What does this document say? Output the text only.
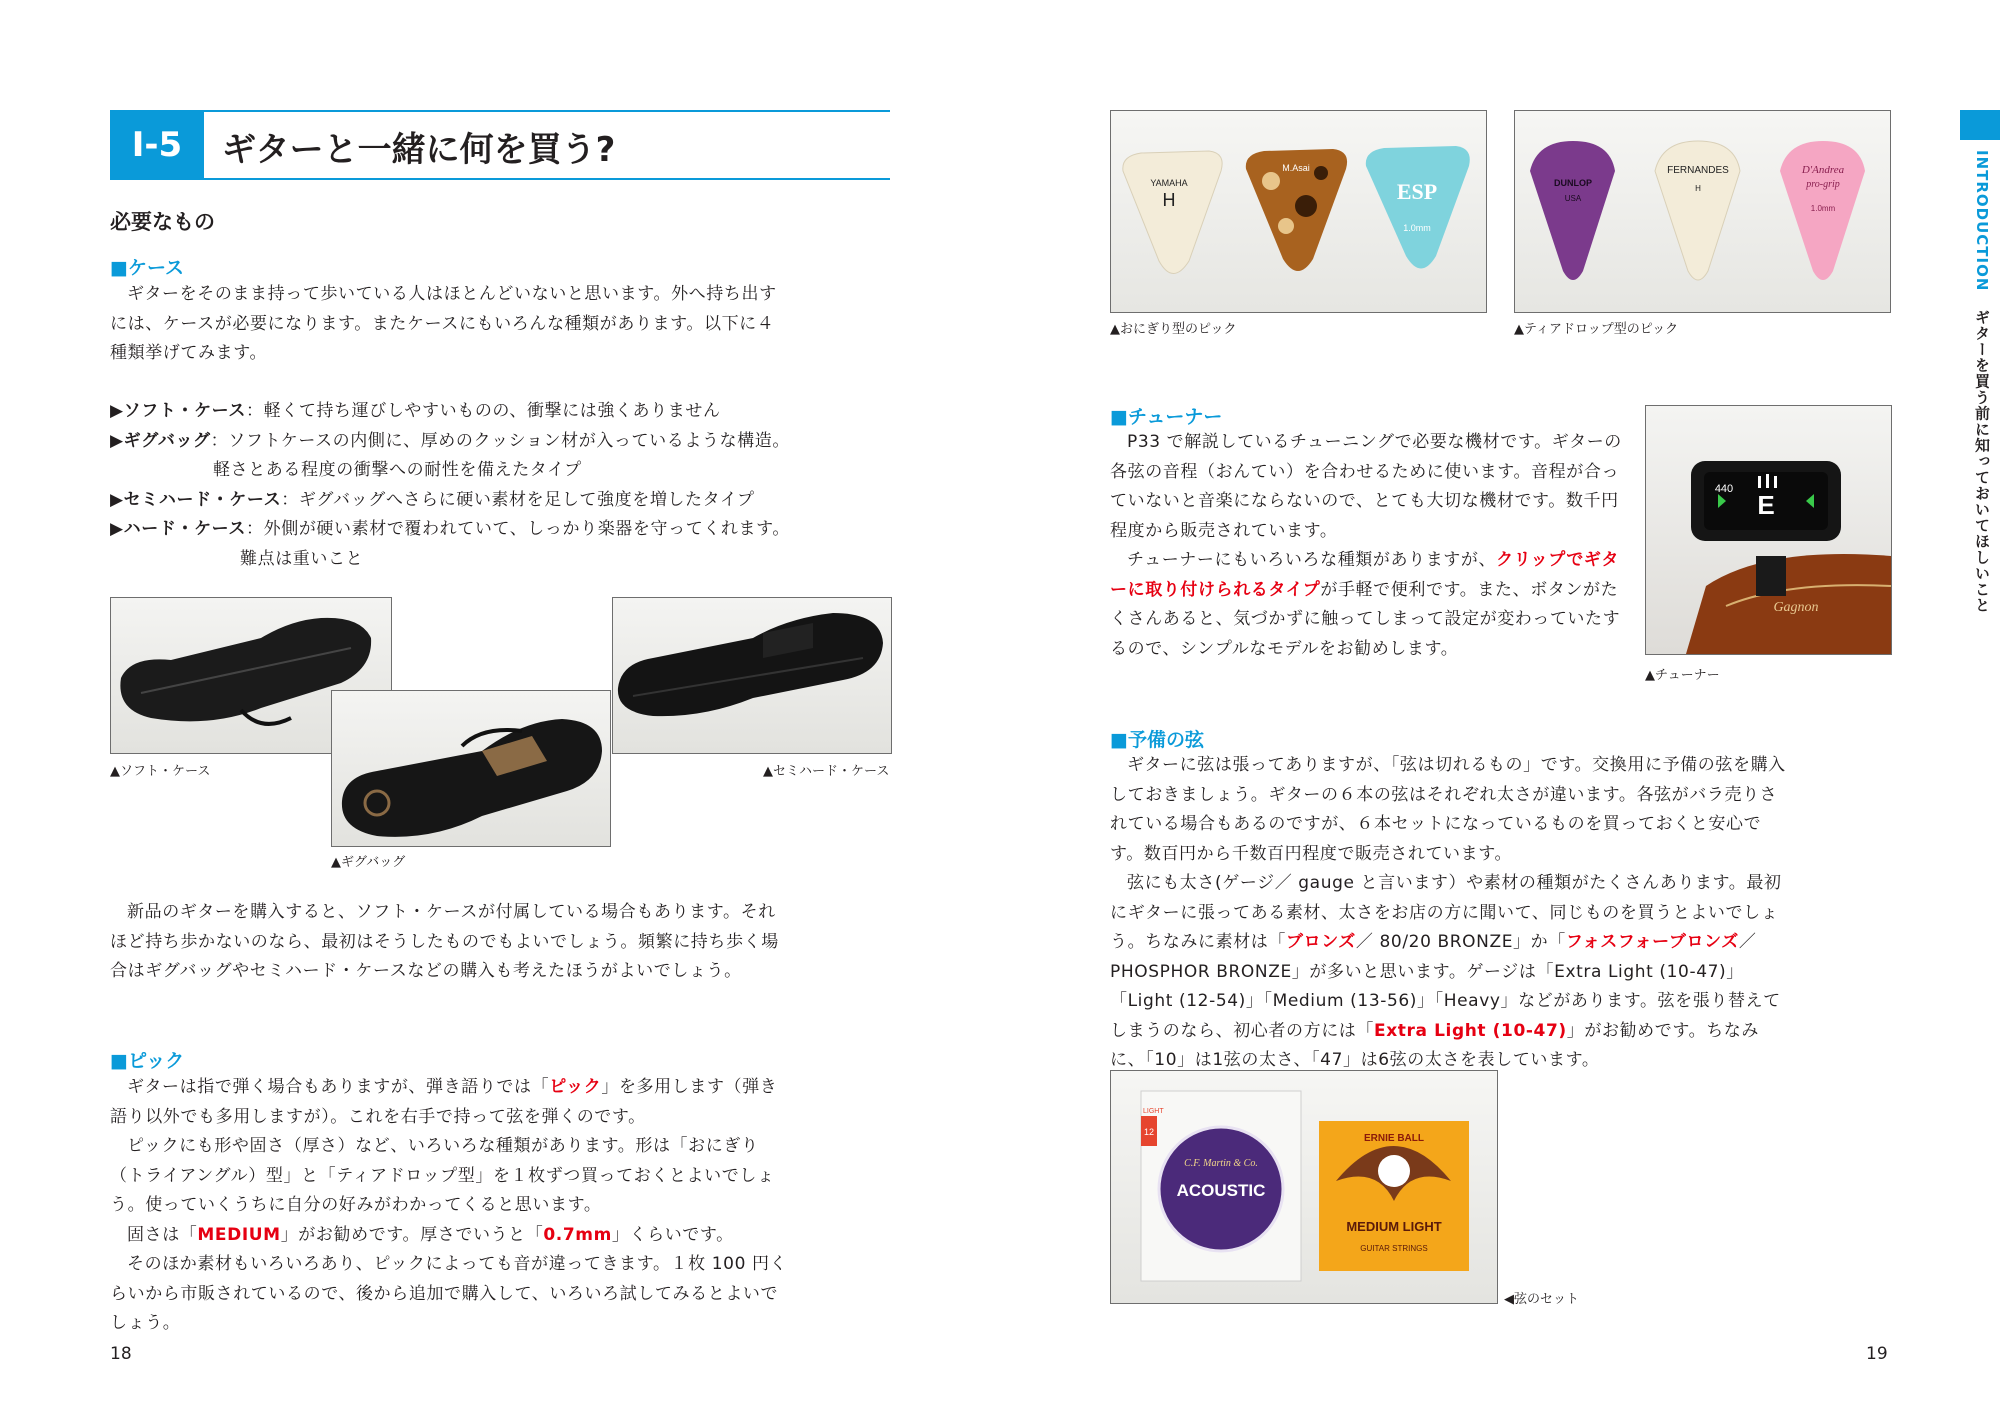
I-5	ギターと一緒に何を買う?
必要なもの
■ケース
ギターをそのまま持って歩いている人はほとんどいないと思います。外へ持ち出すには、ケースが必要になります。またケースにもいろんな種類があります。以下に４種類挙げてみます。
▶ソフト・ケース：軽くて持ち運びしやすいものの、衝撃には強くありません
▶ギグバッグ：ソフトケースの内側に、厚めのクッション材が入っているような構造。
軽さとある程度の衝撃への耐性を備えたタイプ
▶セミハード・ケース：ギグバッグへさらに硬い素材を足して強度を増したタイプ
▶ハード・ケース：外側が硬い素材で覆われていて、しっかり楽器を守ってくれます。
難点は重いこと
▲ソフト・ケース
▲ギグバッグ
▲セミハード・ケース
新品のギターを購入すると、ソフト・ケースが付属している場合もあります。それほど持ち歩かないのなら、最初はそうしたものでもよいでしょう。頻繁に持ち歩く場合はギグバッグやセミハード・ケースなどの購入も考えたほうがよいでしょう。
■ピック
ギターは指で弾く場合もありますが、弾き語りでは「ピック」を多用します（弾き語り以外でも多用しますが）。これを右手で持って弦を弾くのです。
ピックにも形や固さ（厚さ）など、いろいろな種類があります。形は「おにぎり（トライアングル）型」と「ティアドロップ型」を１枚ずつ買っておくとよいでしょう。使っていくうちに自分の好みがわかってくると思います。
固さは「MEDIUM」がお勧めです。厚さでいうと「0.7mm」くらいです。
そのほか素材もいろいろあり、ピックによっても音が違ってきます。１枚 100 円くらいから市販されているので、後から追加で購入して、いろいろ試してみるとよいでしょう。
18
YAMAHA
H
M.Asai
ESP
1.0mm
▲おにぎり型のピック
DUNLOP
USA
FERNANDES
H
D'Andrea
pro-grip
1.0mm
▲ティアドロップ型のピック
■チューナー
P33 で解説しているチューニングで必要な機材です。ギターの各弦の音程（おんてい）を合わせるために使います。音程が合っていないと音楽にならないので、とても大切な機材です。数千円程度から販売されています。
チューナーにもいろいろな種類がありますが、クリップでギターに取り付けられるタイプが手軽で便利です。また、ボタンがたくさんあると、気づかずに触ってしまって設定が変わっていたするので、シンプルなモデルをお勧めします。
Gagnon
440
E
▲チューナー
■予備の弦
ギターに弦は張ってありますが、「弦は切れるもの」です。交換用に予備の弦を購入しておきましょう。ギターの６本の弦はそれぞれ太さが違います。各弦がバラ売りされている場合もあるのですが、６本セットになっているものを買っておくと安心です。数百円から千数百円程度で販売されています。
弦にも太さ(ゲージ／ gauge と言います）や素材の種類がたくさんあります。最初にギターに張ってある素材、太さをお店の方に聞いて、同じものを買うとよいでしょう。ちなみに素材は「ブロンズ／ 80/20 BRONZE」か「フォスフォーブロンズ／ PHOSPHOR BRONZE」が多いと思います。ゲージは「Extra Light (10-47)」「Light (12-54)」「Medium (13-56)」「Heavy」などがあります。弦を張り替えてしまうのなら、初心者の方には「Extra Light (10-47)」がお勧めです。ちなみに、「10」は1弦の太さ、「47」は6弦の太さを表しています。
LIGHT
12
C.F. Martin & Co.
ACOUSTIC
ERNIE BALL
MEDIUM LIGHT
GUITAR STRINGS
◀弦のセット
19
INTRODUCTIONギターを買う前に知っておいてほしいこと
